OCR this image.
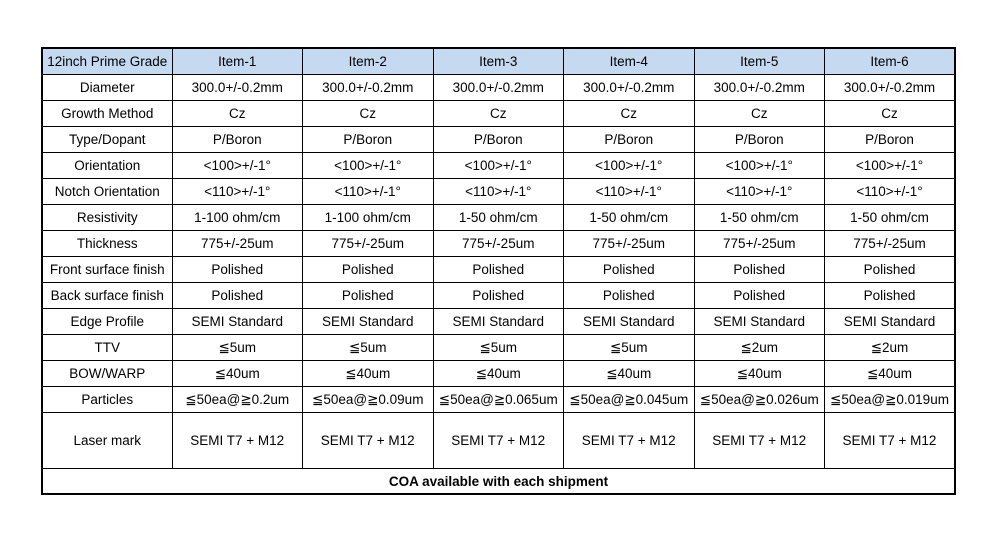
12inch Prime Grade	Item-1	Item-2	Item-3	Item-4	Item-5	Item-6
Diameter	300.0+/-0.2mm	300.0+/-0.2mm	300.0+/-0.2mm	300.0+/-0.2mm	300.0+/-0.2mm	300.0+/-0.2mm
Growth Method	Cz	Cz	Cz	Cz	Cz	Cz
Type/Dopant	P/Boron	P/Boron	P/Boron	P/Boron	P/Boron	P/Boron
Orientation	<100>+/-1°	<100>+/-1°	<100>+/-1°	<100>+/-1°	<100>+/-1°	<100>+/-1°
Notch Orientation	<110>+/-1°	<110>+/-1°	<110>+/-1°	<110>+/-1°	<110>+/-1°	<110>+/-1°
Resistivity	1-100 ohm/cm	1-100 ohm/cm	1-50 ohm/cm	1-50 ohm/cm	1-50 ohm/cm	1-50 ohm/cm
Thickness	775+/-25um	775+/-25um	775+/-25um	775+/-25um	775+/-25um	775+/-25um
Front surface finish	Polished	Polished	Polished	Polished	Polished	Polished
Back surface finish	Polished	Polished	Polished	Polished	Polished	Polished
Edge Profile	SEMI Standard	SEMI Standard	SEMI Standard	SEMI Standard	SEMI Standard	SEMI Standard
TTV	≦5um	≦5um	≦5um	≦5um	≦2um	≦2um
BOW/WARP	≦40um	≦40um	≦40um	≦40um	≦40um	≦40um
Particles	≦50ea@≧0.2um	≦50ea@≧0.09um	≦50ea@≧0.065um	≦50ea@≧0.045um	≦50ea@≧0.026um	≦50ea@≧0.019um
Laser mark	SEMI T7 + M12	SEMI T7 + M12	SEMI T7 + M12	SEMI T7 + M12	SEMI T7 + M12	SEMI T7 + M12
COA available with each shipment						
